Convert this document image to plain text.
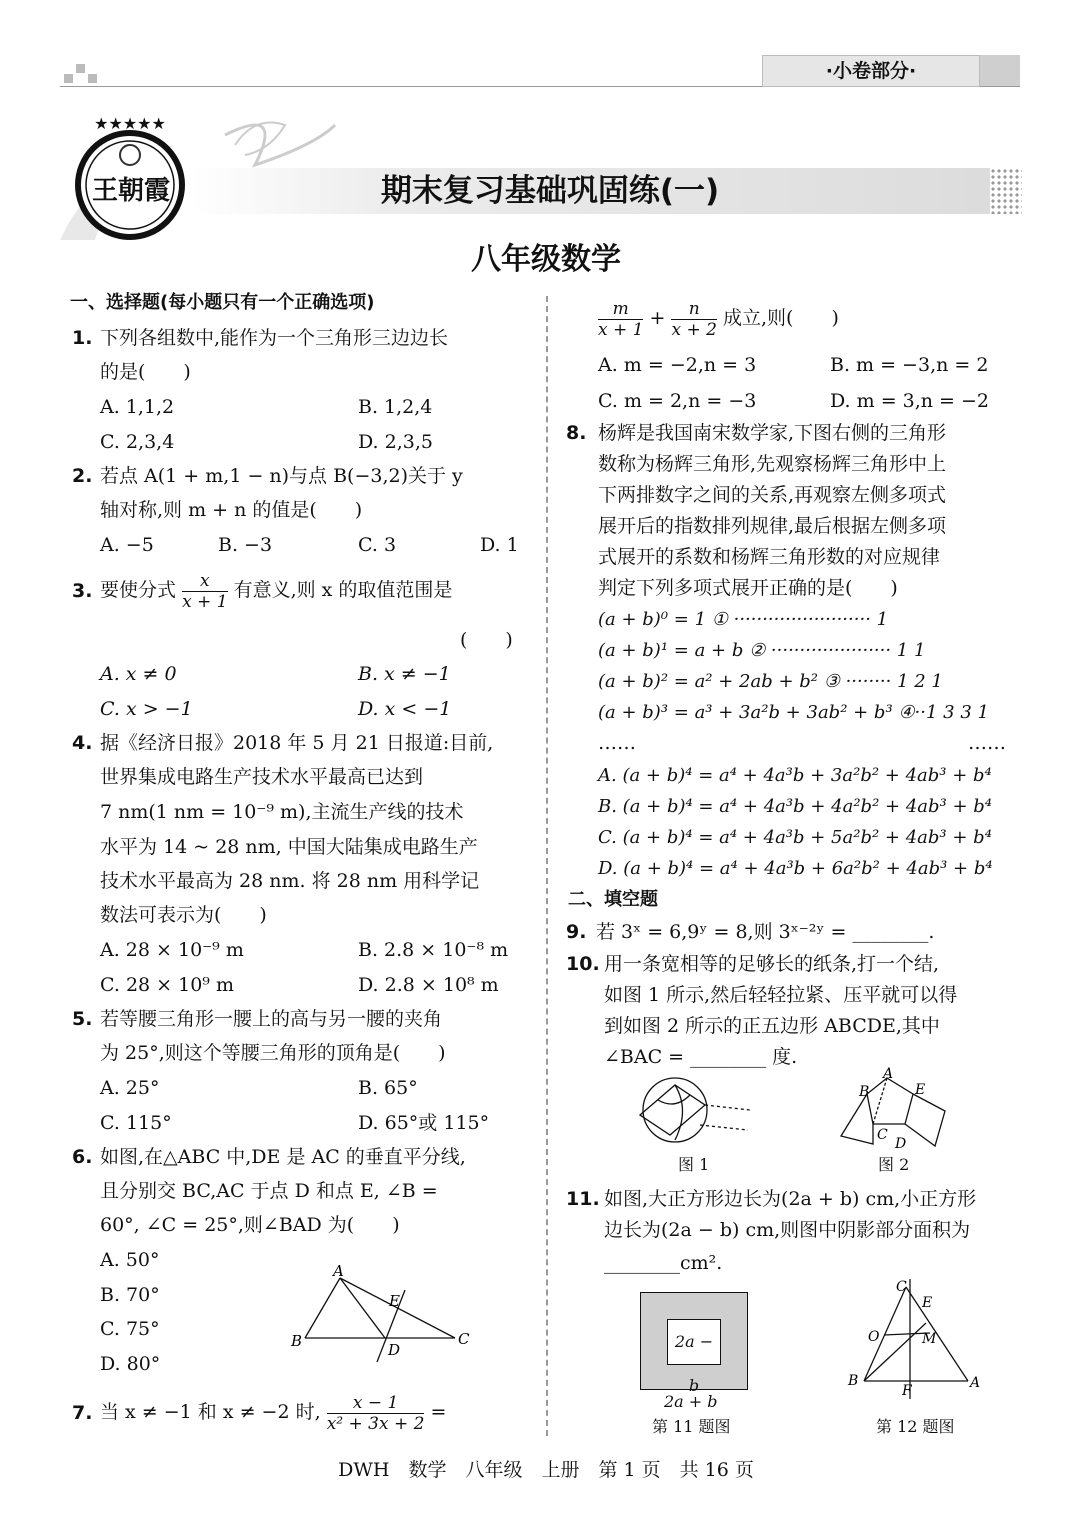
·小卷部分·
★★★★★
王朝霞	期末复习基础巩固练(一)
八年级数学
一、选择题(每小题只有一个正确选项)
1. 下列各组数中,能作为一个三角形三边边长
的是(　　)
A. 1,1,2	B. 1,2,4
C. 2,3,4	D. 2,3,5
2. 若点 A(1 + m,1 − n)与点 B(−3,2)关于 y
轴对称,则 m + n 的值是(　　)
A. −5	B. −3	C. 3	D. 1
3. 要使分式 $\frac{x}{x + 1}$ 有意义,则 x 的取值范围是
(　　)
A. x ≠ 0	B. x ≠ −1
C. x > −1	D. x < −1
4. 据《经济日报》2018 年 5 月 21 日报道:目前,
世界集成电路生产技术水平最高已达到
7 nm(1 nm = 10⁻⁹ m),主流生产线的技术
水平为 14 ~ 28 nm, 中国大陆集成电路生产
技术水平最高为 28 nm. 将 28 nm 用科学记
数法可表示为(　　)
A. 28 × 10⁻⁹ m	B. 2.8 × 10⁻⁸ m
C. 28 × 10⁹ m	D. 2.8 × 10⁸ m
5. 若等腰三角形一腰上的高与另一腰的夹角
为 25°,则这个等腰三角形的顶角是(　　)
A. 25°	B. 65°
C. 115°	D. 65°或 115°
6. 如图,在△ABC 中,DE 是 AC 的垂直平分线,
且分别交 BC,AC 于点 D 和点 E, ∠B =
60°, ∠C = 25°,则∠BAD 为(　　)
A. 50°
B. 70°
C. 75°
D. 80°
A
B	C
D
E
7. 当 x ≠ −1 和 x ≠ −2 时, $\frac{x - 1}{\text{x² + 3x + 2}}$ =
$\frac{m}{x + 1} + \frac{n}{x + 2}$ 成立,则(　　)
A. m = −2,n = 3	B. m = −3,n = 2
C. m = 2,n = −3	D. m = 3,n = −2
8. 杨辉是我国南宋数学家,下图右侧的三角形
数称为杨辉三角形,先观察杨辉三角形中上
下两排数字之间的关系,再观察左侧多项式
展开后的指数排列规律,最后根据左侧多项
式展开的系数和杨辉三角形数的对应规律
判定下列多项式展开正确的是(　　)
(a + b)⁰ = 1 ① ························ 1
(a + b)¹ = a + b ② ····················· 1 1
(a + b)² = a² + 2ab + b² ③ ········ 1 2 1
(a + b)³ = a³ + 3a²b + 3ab² + b³ ④··1 3 3 1
……	……
A. (a + b)⁴ = a⁴ + 4a³b + 3a²b² + 4ab³ + b⁴
B. (a + b)⁴ = a⁴ + 4a³b + 4a²b² + 4ab³ + b⁴
C. (a + b)⁴ = a⁴ + 4a³b + 5a²b² + 4ab³ + b⁴
D. (a + b)⁴ = a⁴ + 4a³b + 6a²b² + 4ab³ + b⁴
二、填空题
9. 若 3ˣ = 6,9ʸ = 8,则 3ˣ⁻²ʸ = ________.
10. 用一条宽相等的足够长的纸条,打一个结,
如图 1 所示,然后轻轻拉紧、压平就可以得
到如图 2 所示的正五边形 ABCDE,其中
∠BAC = ________ 度.
图 1
A
B	E
C
D
图 2
11. 如图,大正方形边长为(2a + b) cm,小正方形
边长为(2a − b) cm,则图中阴影部分面积为
________cm².
2a − b
2a + b
第 11 题图
C
E
O	M
B
F	A
第 12 题图
DWH　数学　八年级　上册　第 1 页　共 16 页
